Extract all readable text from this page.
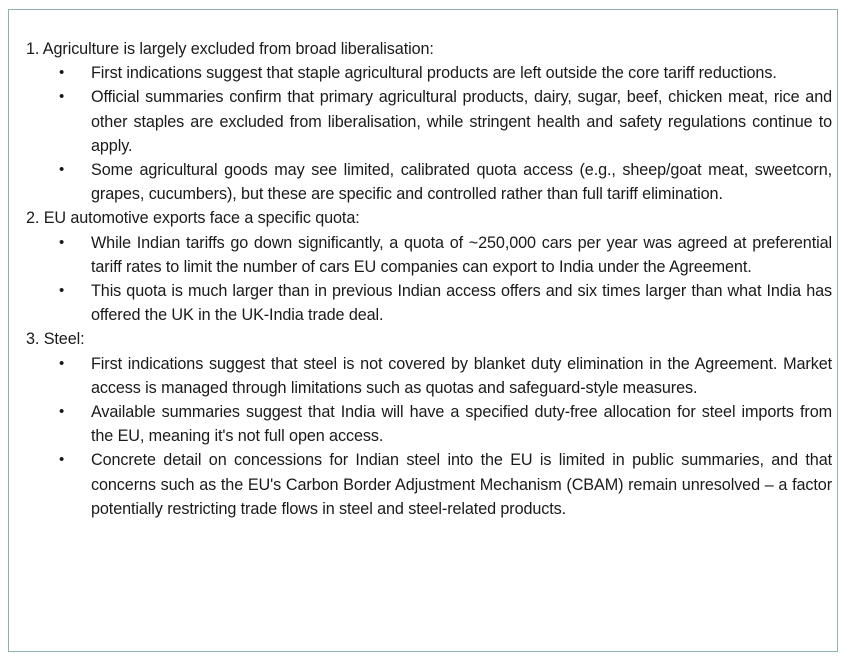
1. Agriculture is largely excluded from broad liberalisation:

• First indications suggest that staple agricultural products are left outside the core tariff reductions.
• Official summaries confirm that primary agricultural products, dairy, sugar, beef, chicken meat, rice and other staples are excluded from liberalisation, while stringent health and safety regulations continue to apply.
• Some agricultural goods may see limited, calibrated quota access (e.g., sheep/goat meat, sweetcorn, grapes, cucumbers), but these are specific and controlled rather than full tariff elimination.

2. EU automotive exports face a specific quota:

• While Indian tariffs go down significantly, a quota of ~250,000 cars per year was agreed at preferential tariff rates to limit the number of cars EU companies can export to India under the Agreement.
• This quota is much larger than in previous Indian access offers and six times larger than what India has offered the UK in the UK-India trade deal.

3. Steel:

• First indications suggest that steel is not covered by blanket duty elimination in the Agreement. Market access is managed through limitations such as quotas and safeguard-style measures.
• Available summaries suggest that India will have a specified duty-free allocation for steel imports from the EU, meaning it's not full open access.
• Concrete detail on concessions for Indian steel into the EU is limited in public summaries, and that concerns such as the EU's Carbon Border Adjustment Mechanism (CBAM) remain unresolved – a factor potentially restricting trade flows in steel and steel-related products.
